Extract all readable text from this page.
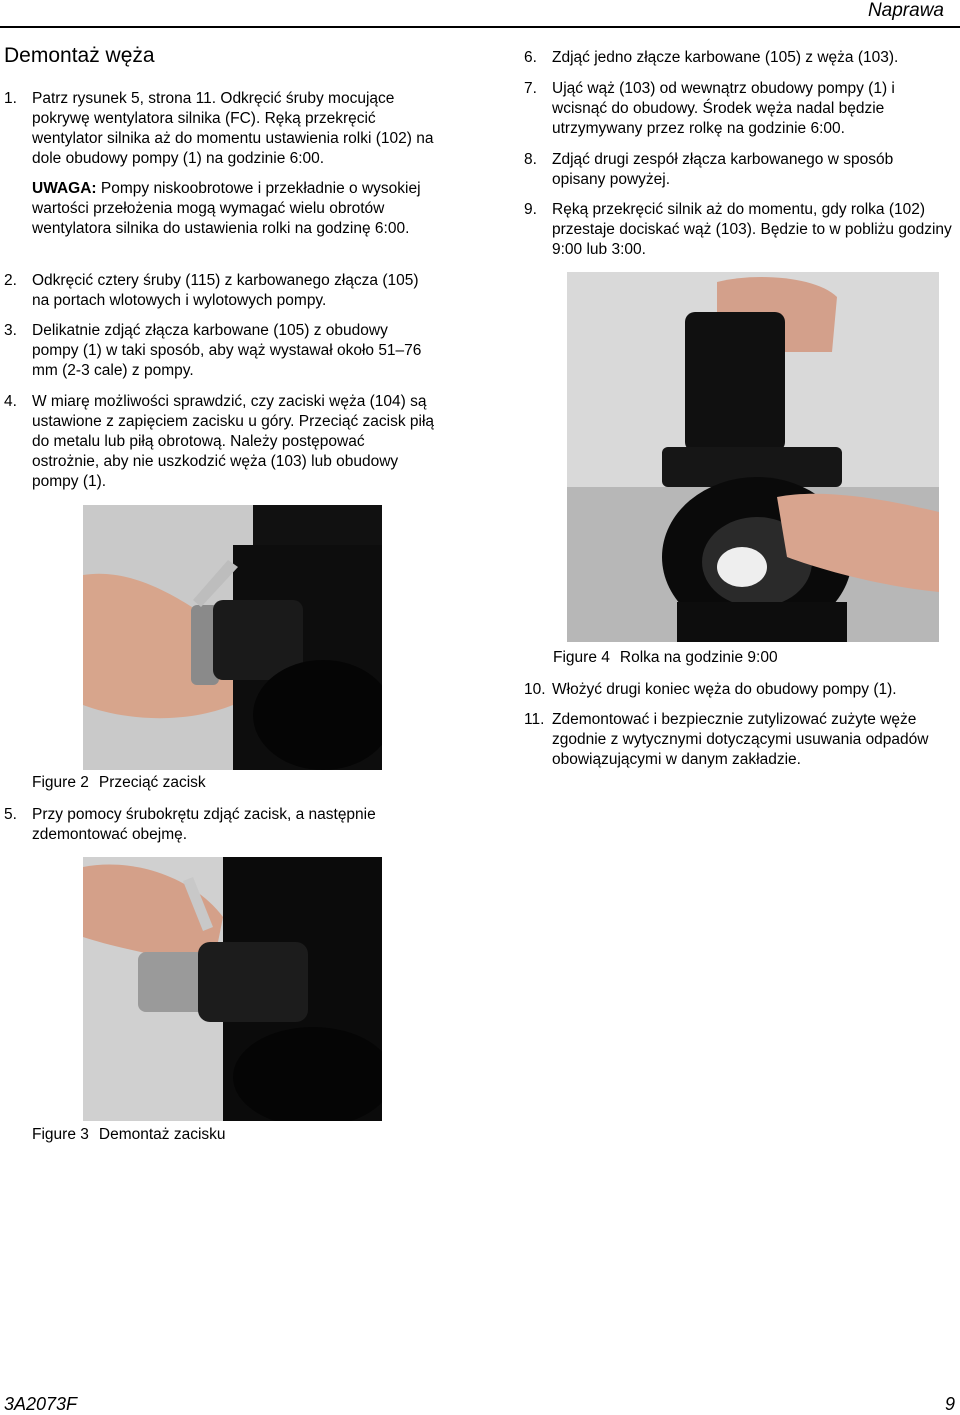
Naprawa
Demontaż węża
1. Patrz rysunek 5, strona 11. Odkręcić śruby mocujące pokrywę wentylatora silnika (FC). Ręką przekręcić wentylator silnika aż do momentu ustawienia rolki (102) na dole obudowy pompy (1) na godzinie 6:00.
UWAGA: Pompy niskoobrotowe i przekładnie o wysokiej wartości przełożenia mogą wymagać wielu obrotów wentylatora silnika do ustawienia rolki na godzinę 6:00.
2. Odkręcić cztery śruby (115) z karbowanego złącza (105) na portach wlotowych i wylotowych pompy.
3. Delikatnie zdjąć złącza karbowane (105) z obudowy pompy (1) w taki sposób, aby wąż wystawał około 51–76 mm (2-3 cale) z pompy.
4. W miarę możliwości sprawdzić, czy zaciski węża (104) są ustawione z zapięciem zacisku u góry. Przeciąć zacisk piłą do metalu lub piłą obrotową. Należy postępować ostrożnie, aby nie uszkodzić węża (103) lub obudowy pompy (1).
Figure 2 Przeciąć zacisk
5. Przy pomocy śrubokrętu zdjąć zacisk, a następnie zdemontować obejmę.
Figure 3 Demontaż zacisku
6. Zdjąć jedno złącze karbowane (105) z węża (103).
7. Ująć wąż (103) od wewnątrz obudowy pompy (1) i wcisnąć do obudowy. Środek węża nadal będzie utrzymywany przez rolkę na godzinie 6:00.
8. Zdjąć drugi zespół złącza karbowanego w sposób opisany powyżej.
9. Ręką przekręcić silnik aż do momentu, gdy rolka (102) przestaje dociskać wąż (103). Będzie to w pobliżu godziny 9:00 lub 3:00.
Figure 4 Rolka na godzinie 9:00
10. Włożyć drugi koniec węża do obudowy pompy (1).
11. Zdemontować i bezpiecznie zutylizować zużyte węże zgodnie z wytycznymi dotyczącymi usuwania odpadów obowiązującymi w danym zakładzie.
3A2073F	9
